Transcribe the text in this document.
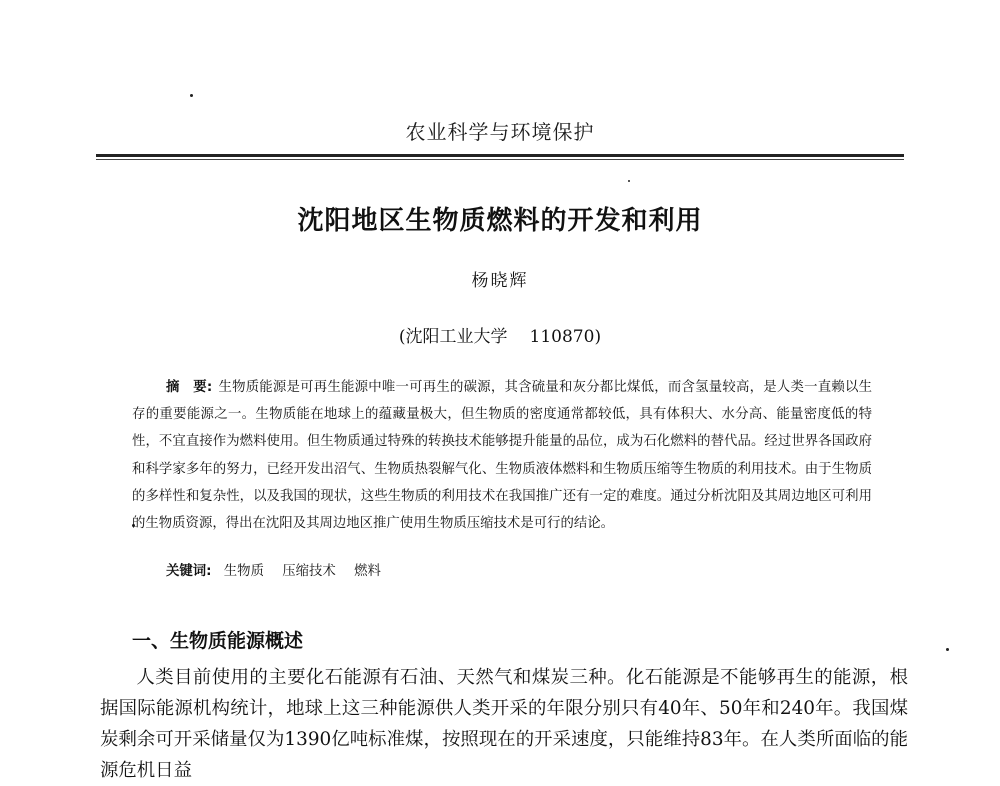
农业科学与环境保护
沈阳地区生物质燃料的开发和利用
杨晓辉
(沈阳工业大学 110870)
摘　要: 生物质能源是可再生能源中唯一可再生的碳源，其含硫量和灰分都比煤低，而含氢量较高，是人类一直赖以生存的重要能源之一。生物质能在地球上的蕴藏量极大，但生物质的密度通常都较低，具有体积大、水分高、能量密度低的特性，不宜直接作为燃料使用。但生物质通过特殊的转换技术能够提升能量的品位，成为石化燃料的替代品。经过世界各国政府和科学家多年的努力，已经开发出沼气、生物质热裂解气化、生物质液体燃料和生物质压缩等生物质的利用技术。由于生物质的多样性和复杂性，以及我国的现状，这些生物质的利用技术在我国推广还有一定的难度。通过分析沈阳及其周边地区可利用的生物质资源，得出在沈阳及其周边地区推广使用生物质压缩技术是可行的结论。
关键词: 生物质 压缩技术 燃料
一、生物质能源概述
人类目前使用的主要化石能源有石油、天然气和煤炭三种。化石能源是不能够再生的能源，根据国际能源机构统计，地球上这三种能源供人类开采的年限分别只有40年、50年和240年。我国煤炭剩余可开采储量仅为1390亿吨标准煤，按照现在的开采速度，只能维持83年。在人类所面临的能源危机日益
